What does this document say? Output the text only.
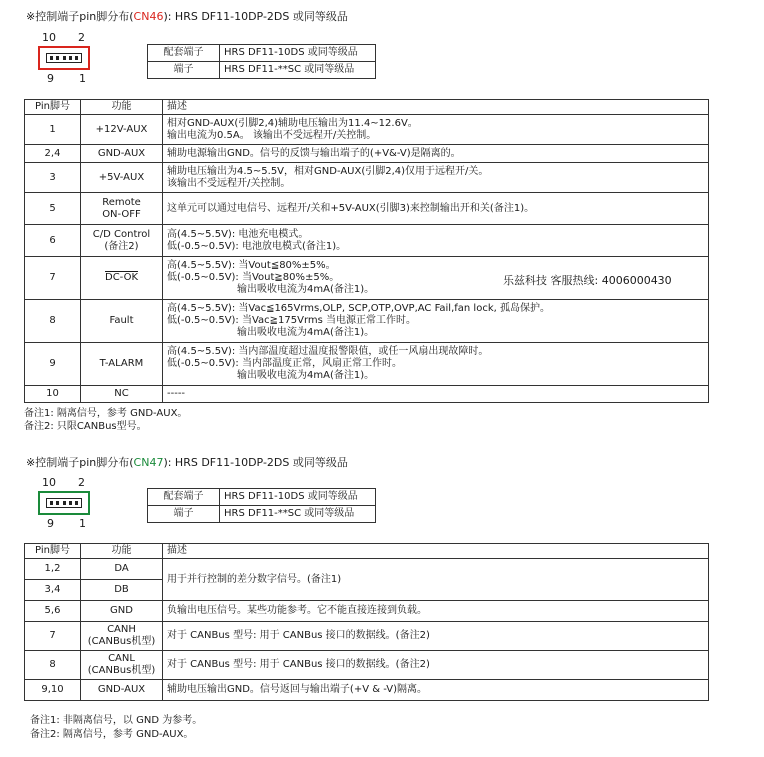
※控制端子pin脚分布(CN46): HRS DF11-10DP-2DS 或同等级品
10 2
9 1
配套端子	HRS DF11-10DS 或同等级品
端子	HRS DF11-**SC 或同等级品
Pin脚号	功能	描述
1	+12V-AUX	相对GND-AUX(引脚2,4)辅助电压输出为11.4~12.6V。
输出电流为0.5A。 该输出不受远程开/关控制。

2,4	GND-AUX	辅助电源输出GND。信号的反馈与输出端子的(+V&-V)是隔离的。

3	+5V-AUX	辅助电压输出为4.5~5.5V，相对GND-AUX(引脚2,4)仅用于远程开/关。
该输出不受远程开/关控制。

5	Remote
ON-OFF	这单元可以通过电信号、远程开/关和+5V-AUX(引脚3)来控制输出开和关(备注1)。

6	C/D Control
(备注2)	高(4.5~5.5V): 电池充电模式。
低(-0.5~0.5V): 电池放电模式(备注1)。

7	DC-OK	高(4.5~5.5V): 当Vout≦80%±5%。
低(-0.5~0.5V): 当Vout≧80%±5%。
　　　　　　　输出吸收电流为4mA(备注1)。

8	Fault	高(4.5~5.5V): 当Vac≦165Vrms,OLP, SCP,OTP,OVP,AC Fail,fan lock, 孤岛保护。
低(-0.5~0.5V): 当Vac≧175Vrms 当电源正常工作时。
　　　　　　　输出吸收电流为4mA(备注1)。

9	T-ALARM	高(4.5~5.5V): 当内部温度超过温度报警限值，或任一风扇出现故障时。
低(-0.5~0.5V): 当内部温度正常，风扇正常工作时。
　　　　　　　输出吸收电流为4mA(备注1)。

10	NC	-----
乐兹科技 客服热线: 4006000430
备注1: 隔离信号，参考 GND-AUX。
备注2: 只限CANBus型号。
※控制端子pin脚分布(CN47): HRS DF11-10DP-2DS 或同等级品
10 2
9 1
配套端子	HRS DF11-10DS 或同等级品
端子	HRS DF11-**SC 或同等级品
Pin脚号	功能	描述
1,2	DA	用于并行控制的差分数字信号。(备注1)
3,4	DB	
5,6	GND	负输出电压信号。某些功能参考。它不能直接连接到负载。
7	CANH
(CANBus机型)	对于 CANBus 型号: 用于 CANBus 接口的数据线。(备注2)
8	CANL
(CANBus机型)	对于 CANBus 型号: 用于 CANBus 接口的数据线。(备注2)
9,10	GND-AUX	辅助电压输出GND。信号返回与输出端子(+V & -V)隔离。
备注1: 非隔离信号，以 GND 为参考。
备注2: 隔离信号，参考 GND-AUX。
